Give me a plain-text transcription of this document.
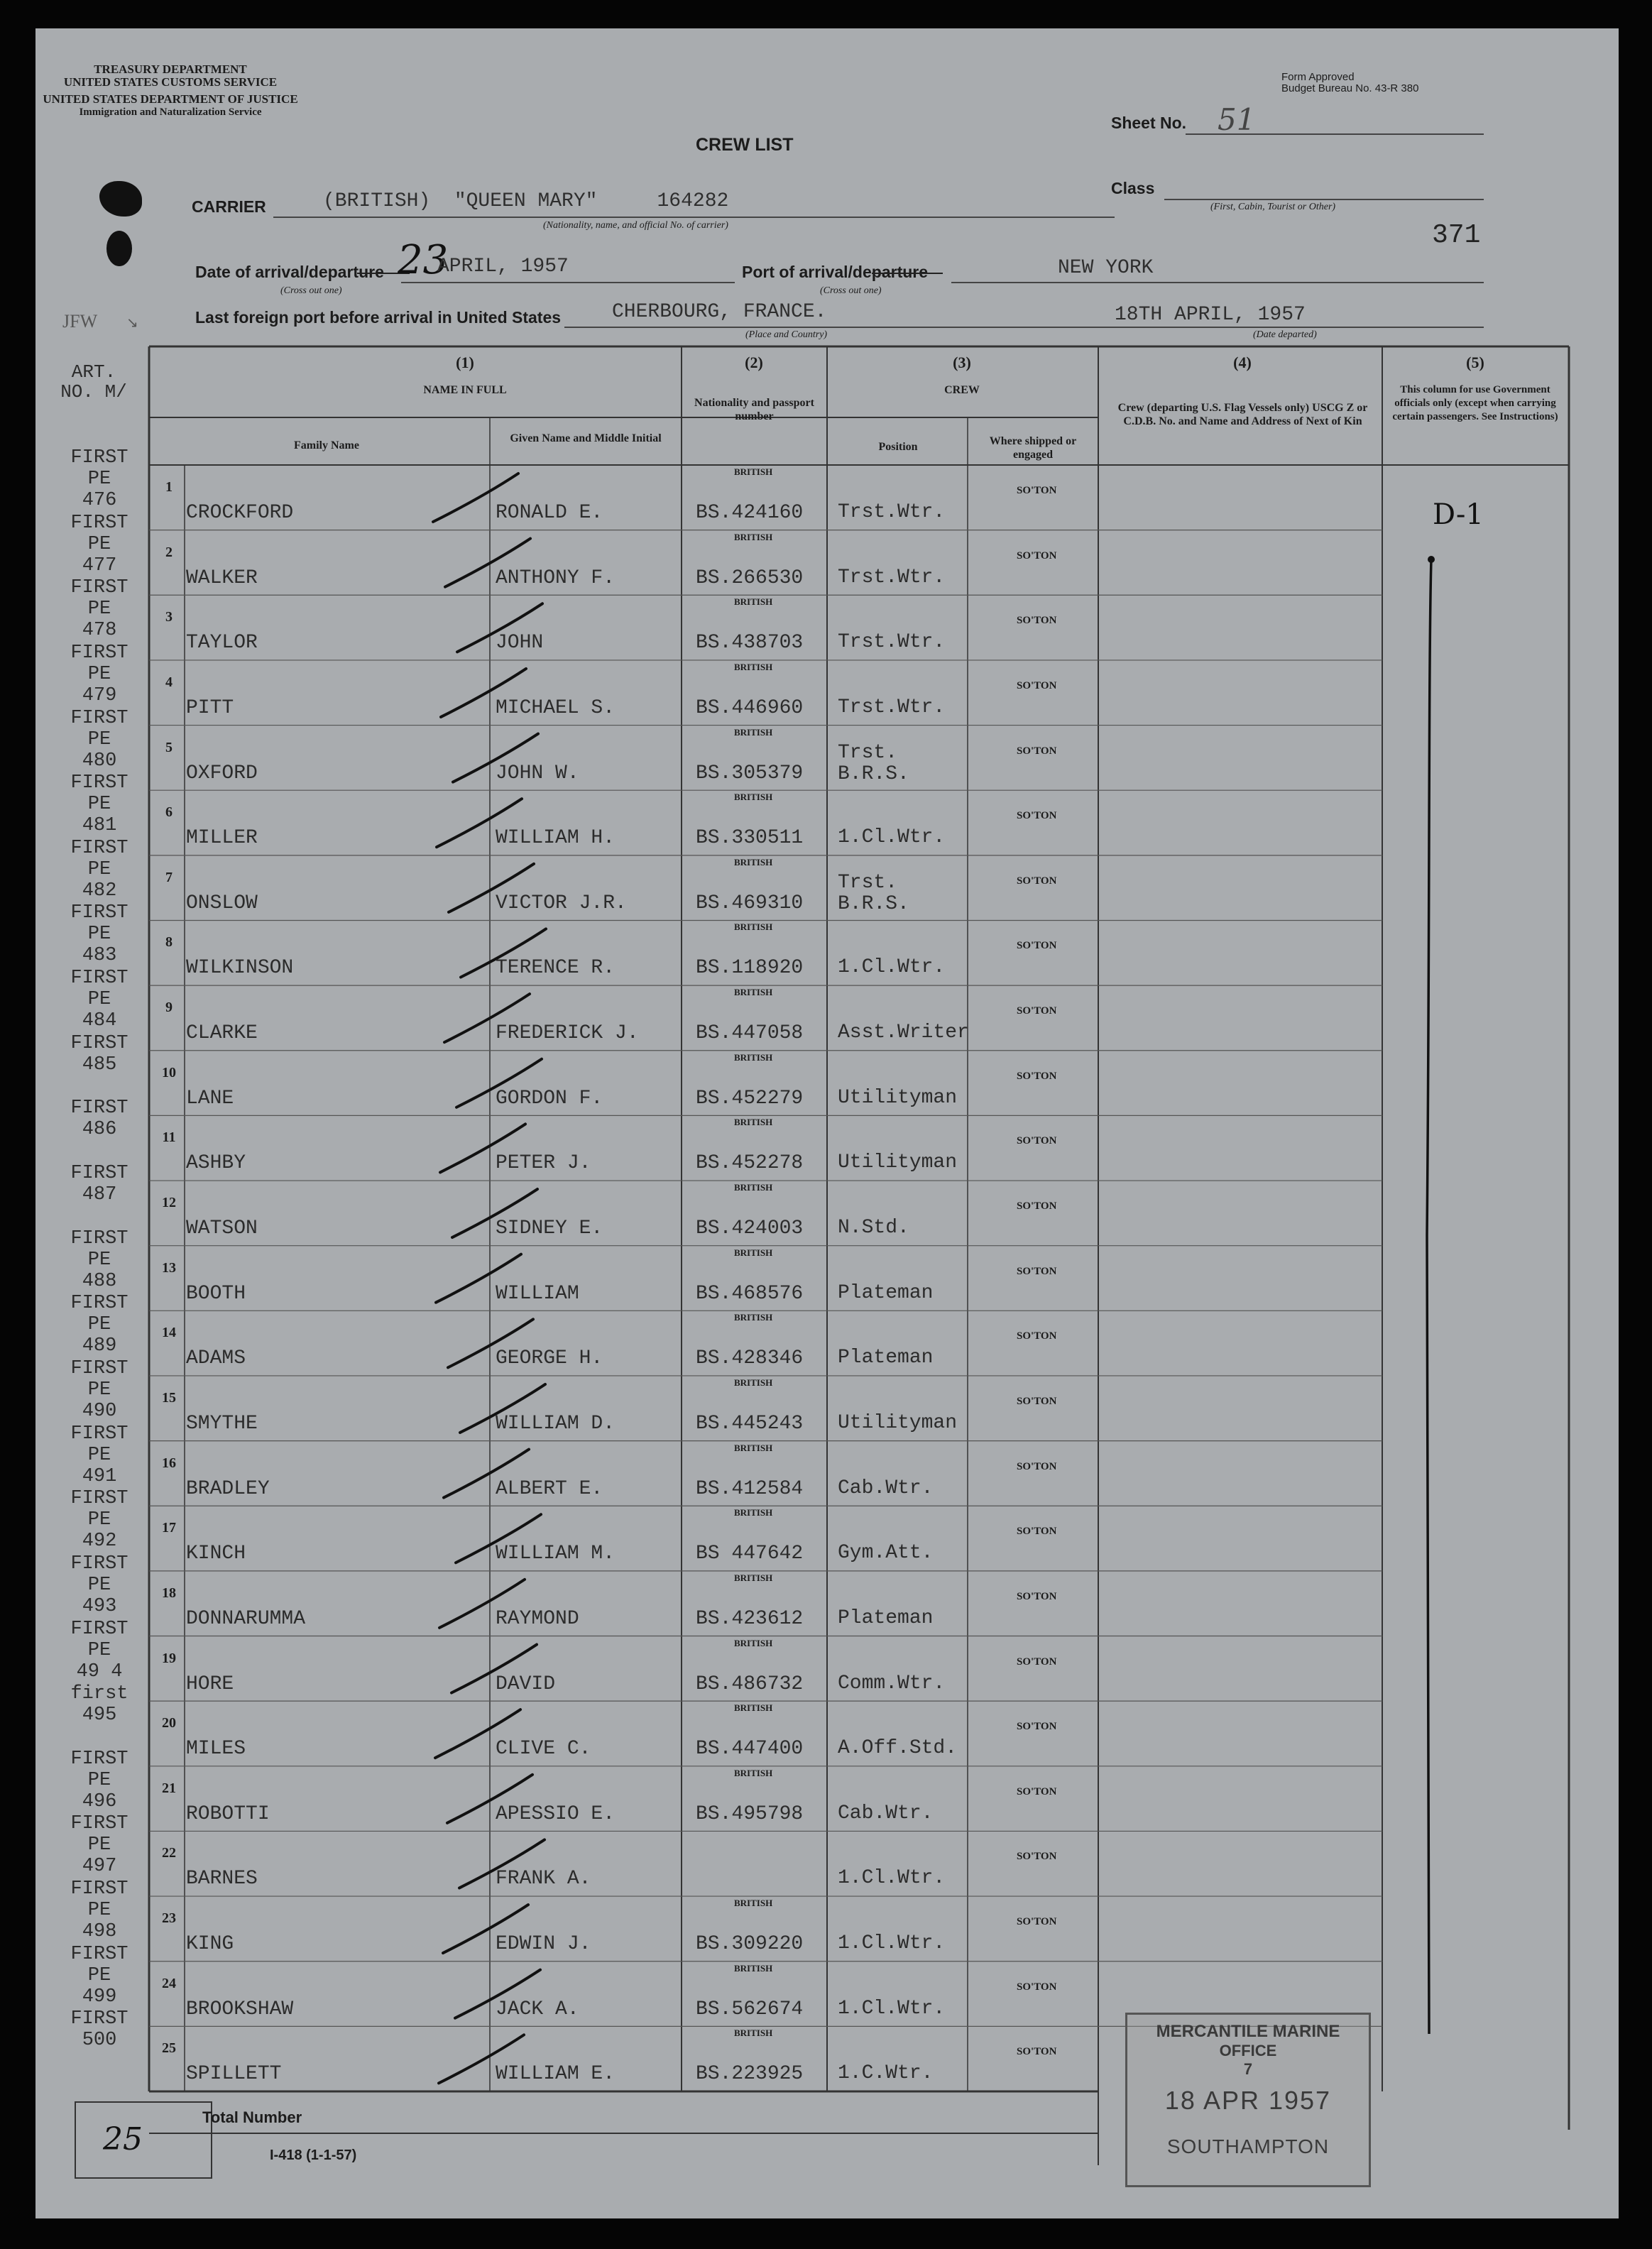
TREASURY DEPARTMENT
UNITED STATES CUSTOMS SERVICE
UNITED STATES DEPARTMENT OF JUSTICE
Immigration and Naturalization Service
CREW LIST
Form Approved
Budget Bureau No. 43-R 380
Sheet No. 51
Class
(First, Cabin, Tourist or Other)
371
CARRIER	(BRITISH)  "QUEEN MARY"     164282
(Nationality, name, and official No. of carrier)
Date of arrival/departure
(Cross out one)
23
APRIL, 1957	Port of arrival/departure
(Cross out one)
NEW YORK
JFW ↘	Last foreign port before arrival in United States	CHERBOURG, FRANCE.
(Place and Country)
18TH APRIL, 1957
(Date departed)
ART. NO. M/
(1)
NAME IN FULL
Family Name
Given Name and Middle Initial
(2)
Nationality and passport number
(3)
CREW
Position	Where shipped or engaged
(4)
Crew (departing U.S. Flag Vessels only) USCG Z or C.D.B. No. and Name and Address of Next of Kin
(5)
This column for use Government officials only (except when carrying certain passengers. See Instructions)
D-1
FIRST
PE
476
1
CROCKFORD	RONALD E.
BRITISH
BS.424160 Trst.Wtr.
SO'TON
FIRST
PE
477
2
WALKER	ANTHONY F.
BRITISH
BS.266530 Trst.Wtr.
SO'TON
FIRST
PE
478
3
TAYLOR	JOHN
BRITISH
BS.438703 Trst.Wtr.
SO'TON
FIRST
PE
479
4
PITT	MICHAEL S.
BRITISH
BS.446960 Trst.Wtr.
SO'TON
FIRST
PE
480
5
OXFORD	JOHN W.
BRITISH
BS.305379
Trst.
B.R.S.
SO'TON
FIRST
PE
481
6
MILLER	WILLIAM H.
BRITISH
BS.330511 1.Cl.Wtr.
SO'TON
FIRST
PE
482
7
ONSLOW	VICTOR J.R.
BRITISH
BS.469310
Trst.
B.R.S.
SO'TON
FIRST
PE
483
8
WILKINSON	TERENCE R.
BRITISH
BS.118920 1.Cl.Wtr.
SO'TON
FIRST
PE
484
9
CLARKE	FREDERICK J.
BRITISH
BS.447058 Asst.Writer
SO'TON
FIRST
485	10
LANE	GORDON F.
BRITISH
BS.452279 Utilityman
SO'TON
FIRST
486	11
ASHBY	PETER J.
BRITISH
BS.452278 Utilityman
SO'TON
FIRST
487	12
WATSON	SIDNEY E.
BRITISH
BS.424003 N.Std.
SO'TON
FIRST
PE
488
13
BOOTH	WILLIAM
BRITISH
BS.468576 Plateman
SO'TON
FIRST
PE
489
14
ADAMS	GEORGE H.
BRITISH
BS.428346 Plateman
SO'TON
FIRST
PE
490
15
SMYTHE	WILLIAM D.
BRITISH
BS.445243 Utilityman
SO'TON
FIRST
PE
491
16
BRADLEY	ALBERT E.
BRITISH
BS.412584 Cab.Wtr.
SO'TON
FIRST
PE
492
17
KINCH	WILLIAM M.
BRITISH
BS 447642 Gym.Att.
SO'TON
FIRST
PE
493
18
DONNARUMMA	RAYMOND
BRITISH
BS.423612 Plateman
SO'TON
FIRST
PE
49 4
19
HORE	DAVID
BRITISH
BS.486732 Comm.Wtr.
SO'TON
first
495	20
MILES	CLIVE C.
BRITISH
BS.447400 A.Off.Std.
SO'TON
FIRST
PE
496
21
ROBOTTI	APESSIO E.
BRITISH
BS.495798 Cab.Wtr.
SO'TON
FIRST
PE
497
22
BARNES	FRANK A.	1.Cl.Wtr.
SO'TON
FIRST
PE
498
23
KING	EDWIN J.
BRITISH
BS.309220 1.Cl.Wtr.
SO'TON
FIRST
PE
499
24
BROOKSHAW	JACK A.
BRITISH
BS.562674 1.Cl.Wtr.
SO'TON
FIRST
500	25
SPILLETT	WILLIAM E.
BRITISH
BS.223925 1.C.Wtr.
SO'TON
25
Total Number
I-418 (1-1-57)
MERCANTILE MARINE
OFFICE
7
18 APR 1957
SOUTHAMPTON
